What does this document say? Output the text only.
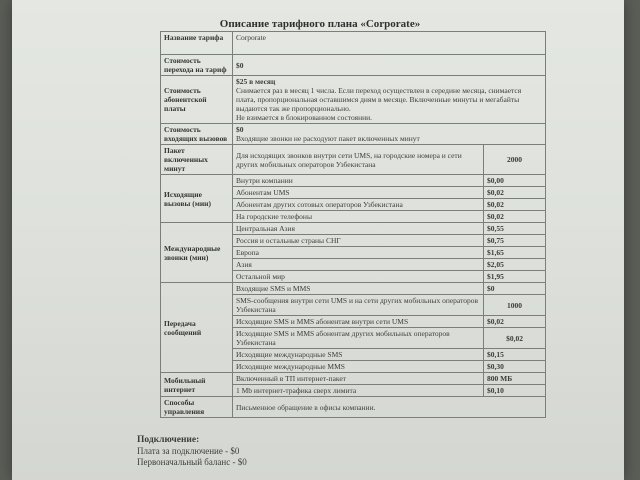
Описание тарифного плана «Corporate»
Название тарифа	Corporate	
Стоимость перехода на тариф	$0	
Стоимость абонентской платы	$25 в месяц
Снимается раз в месяц 1 числа. Если переход осуществлен в середине месяца, снимается плата, пропорциональная оставшимся дням в месяце. Включенные минуты и мегабайты выдаются так же пропорционально.
Не взимается в блокированном состоянии.	

Стоимость входящих вызовов	$0
Входящие звонки не расходуют пакет включенных минут	

Пакет включенных минут	Для исходящих звонков внутри сети UMS, на городские номера и сети других мобильных операторов Узбекистана	2000
Исходящие вызовы (мин)	Внутри компании	$0,00
	Абонентам UMS	$0,02
	Абонентам других сотовых операторов Узбекистана	$0,02
	На городские телефоны	$0,02
Международные звонки (мин)	Центральная Азия	$0,55
	Россия и остальные страны СНГ	$0,75
	Европа	$1,65
	Азия	$2,05
	Остальной мир	$1,95
Передача сообщений	Входящие SMS и MMS	$0
	SMS-сообщения внутри сети UMS и на сети других мобильных операторов Узбекистана	1000
	Исходящие SMS и MMS абонентам внутри сети UMS	$0,02
	Исходящие SMS и MMS абонентам других мобильных операторов Узбекистана	$0,02
	Исходящие международные SMS	$0,15
	Исходящие международные MMS	$0,30
Мобильный интернет	Включенный в ТП интернет-пакет	800 МБ
	1 Mb интернет-трафика сверх лимита	$0,10
Способы управления	Письменное обращение в офисы компании.	
Подключение:
Плата за подключение - $0
Первоначальный баланс - $0
